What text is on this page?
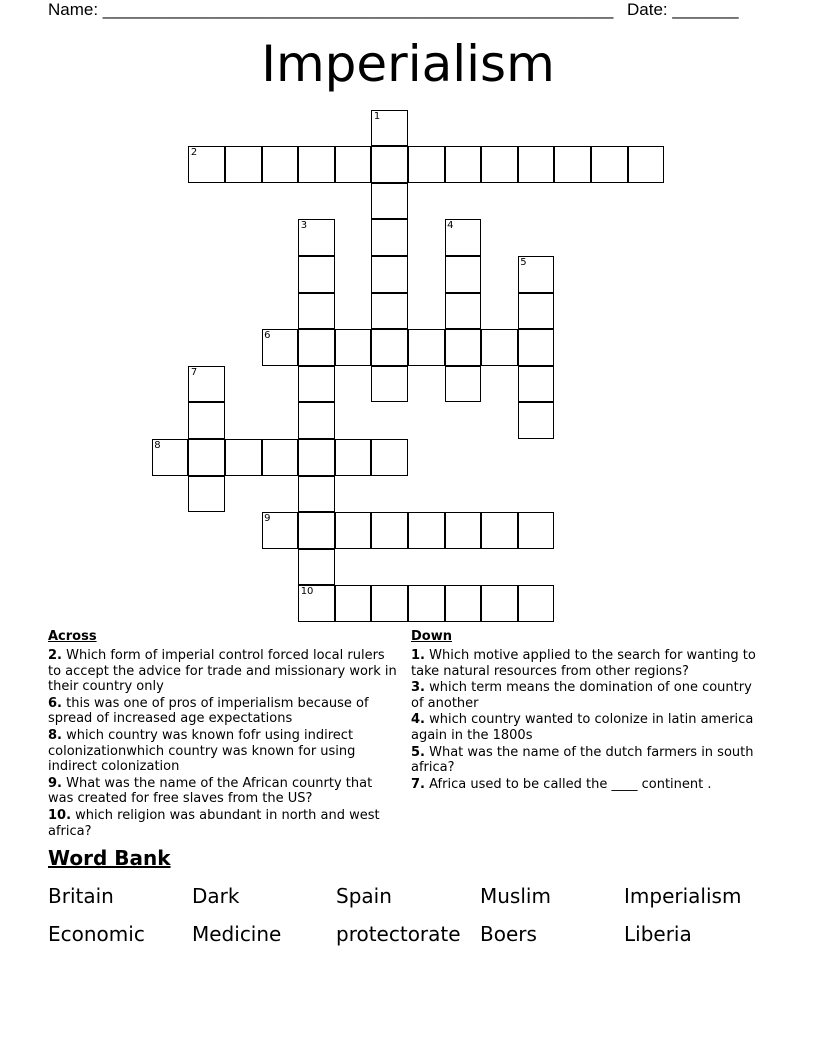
Name: ______________________________________________________ Date: _______
Imperialism
1
2
3	4
5
6
7
8
9
10
Across
2. Which form of imperial control forced local rulers to accept the advice for trade and missionary work in their country only
6. this was one of pros of imperialism because of spread of increased age expectations
8. which country was known fofr using indirect colonizationwhich country was known for using indirect colonization
9. What was the name of the African counrty that was created for free slaves from the US?
10. which religion was abundant in north and west africa?
Down
1. Which motive applied to the search for wanting to take natural resources from other regions?
3. which term means the domination of one country of another
4. which country wanted to colonize in latin america again in the 1800s
5. What was the name of the dutch farmers in south africa?
7. Africa used to be called the ____ continent .
Word Bank
Britain	Dark	Spain	Muslim	Imperialism
Economic Medicine	protectorate Boers	Liberia
